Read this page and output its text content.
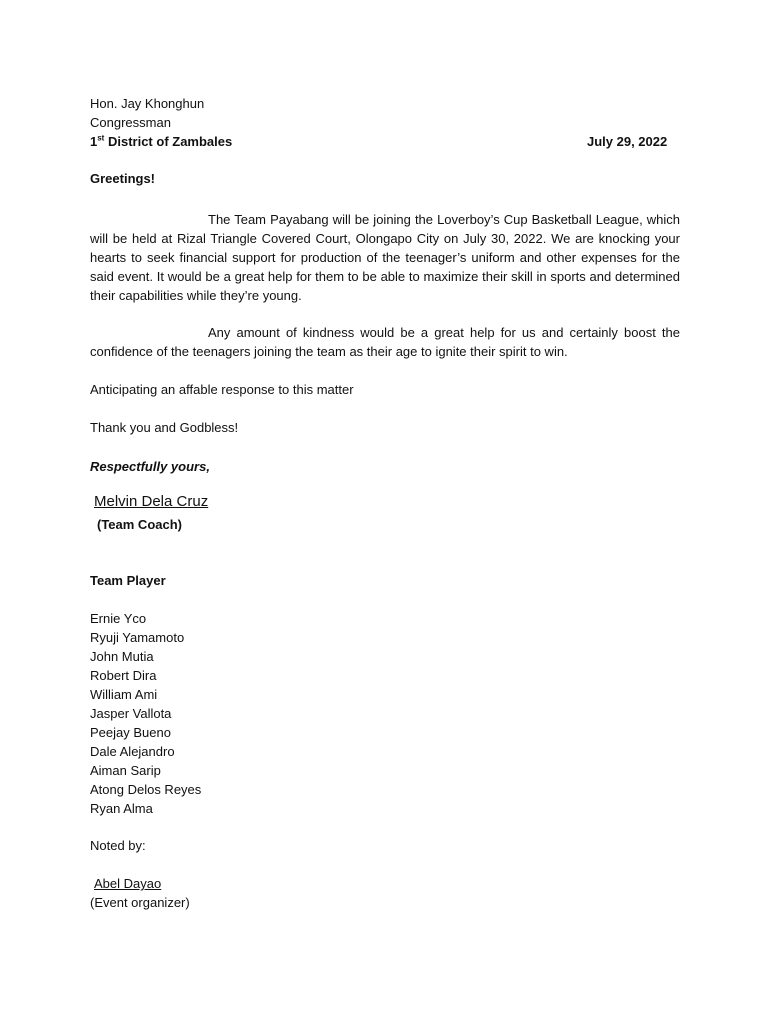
Hon. Jay Khonghun
Congressman
1st District of Zambales	July 29, 2022
Greetings!
The Team Payabang will be joining the Loverboy’s Cup Basketball League, which will be held at Rizal Triangle Covered Court, Olongapo City on July 30, 2022. We are knocking your hearts to seek financial support for production of the teenager’s uniform and other expenses for the said event. It would be a great help for them to be able to maximize their skill in sports and determined their capabilities while they’re young.
Any amount of kindness would be a great help for us and certainly boost the confidence of the teenagers joining the team as their age to ignite their spirit to win.
Anticipating an affable response to this matter
Thank you and Godbless!
Respectfully yours,
Melvin Dela Cruz
(Team Coach)
Team Player
Ernie Yco
Ryuji Yamamoto
John Mutia
Robert Dira
William Ami
Jasper Vallota
Peejay Bueno
Dale Alejandro
Aiman Sarip
Atong Delos Reyes
Ryan Alma
Noted by:
Abel Dayao
(Event organizer)
